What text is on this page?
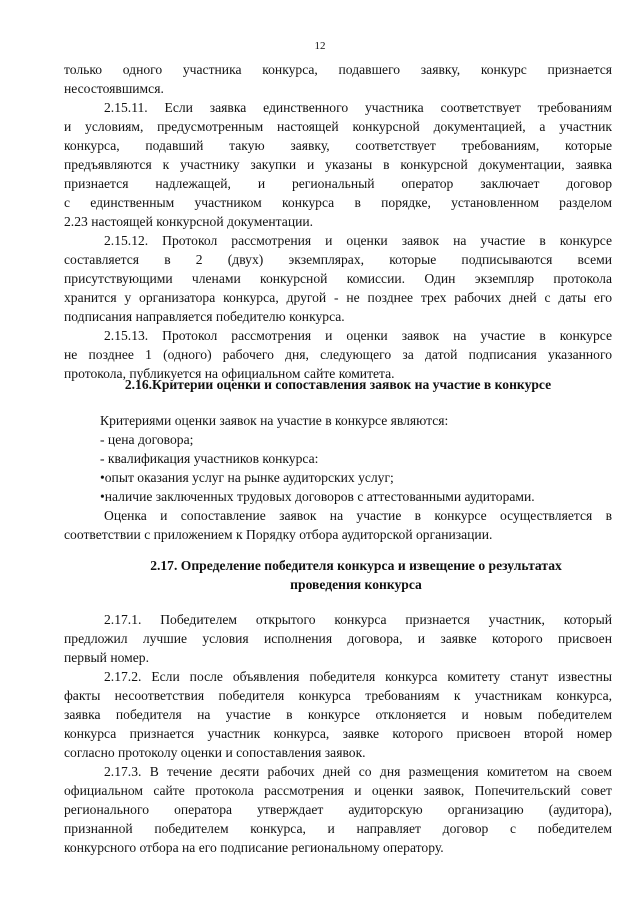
12

только одного участника конкурса, подавшего заявку, конкурс признается

несостоявшимся.

2.15.11. Если заявка единственного участника соответствует требованиям

и условиям, предусмотренным настоящей конкурсной документацией, а участник

конкурса, подавший такую заявку, соответствует требованиям, которые

предъявляются к участнику закупки и указаны в конкурсной документации, заявка

признается надлежащей, и региональный оператор заключает договор

с единственным участником конкурса в порядке, установленном разделом

2.23 настоящей конкурсной документации.

2.15.12. Протокол рассмотрения и оценки заявок на участие в конкурсе

составляется в 2 (двух) экземплярах, которые подписываются всеми

присутствующими членами конкурсной комиссии. Один экземпляр протокола

хранится у организатора конкурса, другой - не позднее трех рабочих дней с даты его

подписания направляется победителю конкурса.

2.15.13. Протокол рассмотрения и оценки заявок на участие в конкурсе

не позднее 1 (одного) рабочего дня, следующего за датой подписания указанного

протокола, публикуется на официальном сайте комитета.

2.16.Критерии оценки и сопоставления заявок на участие в конкурсе

Критериями оценки заявок на участие в конкурсе являются:

- цена договора;

- квалификация участников конкурса:

•опыт оказания услуг на рынке аудиторских услуг;

•наличие заключенных трудовых договоров с аттестованными аудиторами.

Оценка и сопоставление заявок на участие в конкурсе осуществляется в

соответствии с приложением к Порядку отбора аудиторской организации.

2.17. Определение победителя конкурса и извещение о результатах

проведения конкурса

2.17.1. Победителем открытого конкурса признается участник, который

предложил лучшие условия исполнения договора, и заявке которого присвоен

первый номер.

2.17.2. Если после объявления победителя конкурса комитету станут известны

факты несоответствия победителя конкурса требованиям к участникам конкурса,

заявка победителя на участие в конкурсе отклоняется и новым победителем

конкурса признается участник конкурса, заявке которого присвоен второй номер

согласно протоколу оценки и сопоставления заявок.

2.17.3. В течение десяти рабочих дней со дня размещения комитетом на своем

официальном сайте протокола рассмотрения и оценки заявок, Попечительский совет

регионального оператора утверждает аудиторскую организацию (аудитора),

признанной победителем конкурса, и направляет договор с победителем

конкурсного отбора на его подписание региональному оператору.
